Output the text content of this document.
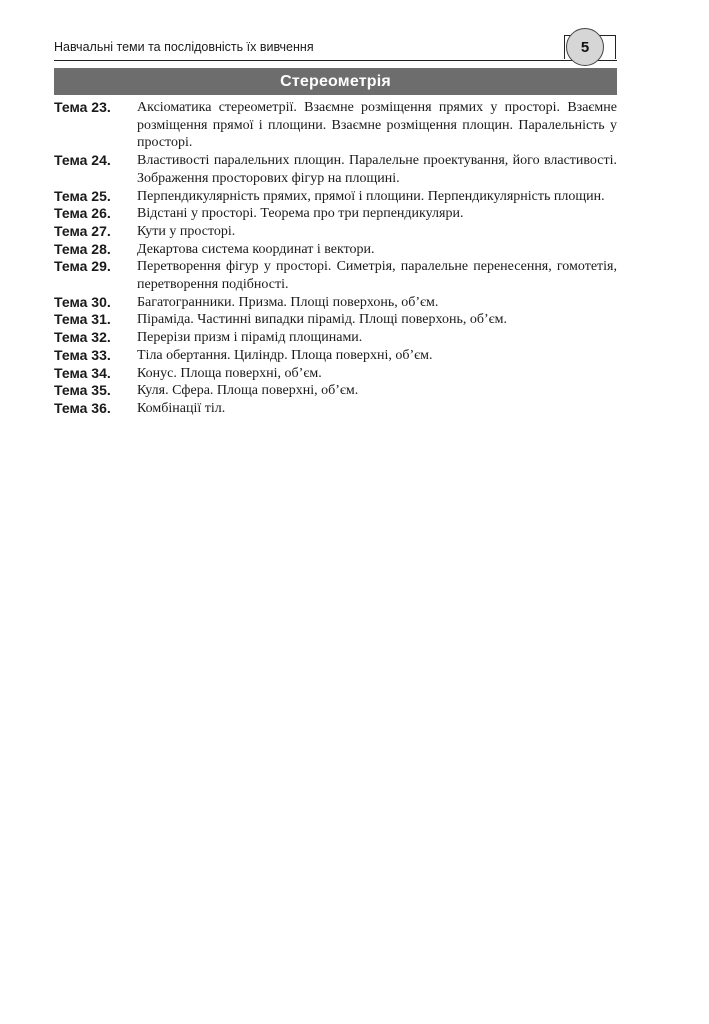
Навчальні теми та послідовність їх вивчення	5
Стереометрія
Тема 23.	Аксіоматика стереометрії. Взаємне розміщення прямих у просторі. Взаємне розміщення прямої і площини. Взаємне розміщення площин. Паралельність у просторі.
Тема 24.	Властивості паралельних площин. Паралельне проектування, його властивості. Зображення просторових фігур на площині.
Тема 25.	Перпендикулярність прямих, прямої і площини. Перпендикулярність площин.
Тема 26.	Відстані у просторі. Теорема про три перпендикуляри.
Тема 27.	Кути у просторі.
Тема 28.	Декартова система координат і вектори.
Тема 29.	Перетворення фігур у просторі. Симетрія, паралельне перенесення, гомотетія, перетворення подібності.
Тема 30.	Багатогранники. Призма. Площі поверхонь, об’єм.
Тема 31.	Піраміда. Частинні випадки пірамід. Площі поверхонь, об’єм.
Тема 32.	Перерізи призм і пірамід площинами.
Тема 33.	Тіла обертання. Циліндр. Площа поверхні, об’єм.
Тема 34.	Конус. Площа поверхні, об’єм.
Тема 35.	Куля. Сфера. Площа поверхні, об’єм.
Тема 36.	Комбінації тіл.
